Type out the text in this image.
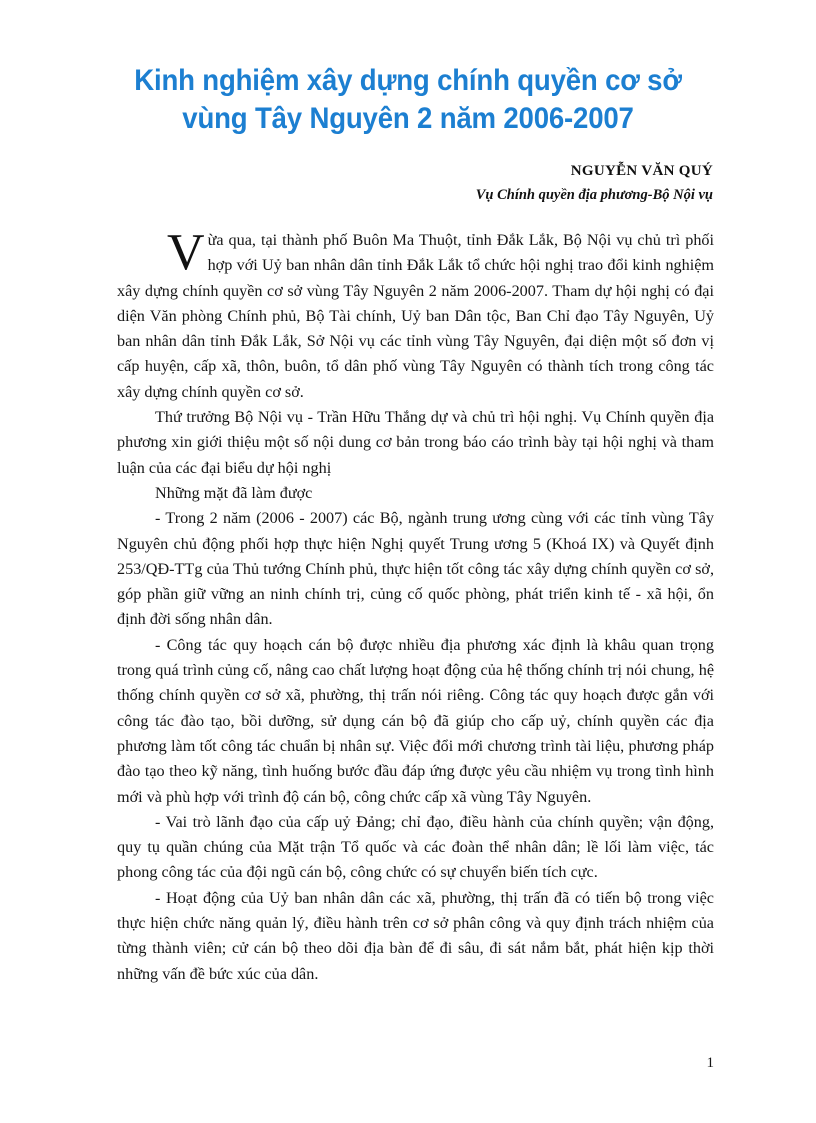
Kinh nghiệm xây dựng chính quyền cơ sở
vùng Tây Nguyên 2 năm 2006-2007
NGUYỄN VĂN QUÝ
Vụ Chính quyền địa phương-Bộ Nội vụ

Vừa qua, tại thành phố Buôn Ma Thuột, tỉnh Đắk Lắk, Bộ Nội vụ chủ trì phối hợp với Uỷ ban nhân dân tỉnh Đắk Lắk tổ chức hội nghị trao đổi kinh nghiệm xây dựng chính quyền cơ sở vùng Tây Nguyên 2 năm 2006-2007. Tham dự hội nghị có đại diện Văn phòng Chính phủ, Bộ Tài chính, Uỷ ban Dân tộc, Ban Chỉ đạo Tây Nguyên, Uỷ ban nhân dân tỉnh Đắk Lắk, Sở Nội vụ các tỉnh vùng Tây Nguyên, đại diện một số đơn vị cấp huyện, cấp xã, thôn, buôn, tổ dân phố vùng Tây Nguyên có thành tích trong công tác xây dựng chính quyền cơ sở.

Thứ trưởng Bộ Nội vụ - Trần Hữu Thắng dự và chủ trì hội nghị. Vụ Chính quyền địa phương xin giới thiệu một số nội dung cơ bản trong báo cáo trình bày tại hội nghị và tham luận của các đại biểu dự hội nghị

Những mặt đã làm được

- Trong 2 năm (2006 - 2007) các Bộ, ngành trung ương cùng với các tỉnh vùng Tây Nguyên chủ động phối hợp thực hiện Nghị quyết Trung ương 5 (Khoá IX) và Quyết định 253/QĐ-TTg của Thủ tướng Chính phủ, thực hiện tốt công tác xây dựng chính quyền cơ sở, góp phần giữ vững an ninh chính trị, củng cố quốc phòng, phát triển kinh tế - xã hội, ổn định đời sống nhân dân.

- Công tác quy hoạch cán bộ được nhiều địa phương xác định là khâu quan trọng trong quá trình củng cố, nâng cao chất lượng hoạt động của hệ thống chính trị nói chung, hệ thống chính quyền cơ sở xã, phường, thị trấn nói riêng. Công tác quy hoạch được gắn với công tác đào tạo, bồi dưỡng, sử dụng cán bộ đã giúp cho cấp uỷ, chính quyền các địa phương làm tốt công tác chuẩn bị nhân sự. Việc đổi mới chương trình tài liệu, phương pháp đào tạo theo kỹ năng, tình huống bước đầu đáp ứng được yêu cầu nhiệm vụ trong tình hình mới và phù hợp với trình độ cán bộ, công chức cấp xã vùng Tây Nguyên.

- Vai trò lãnh đạo của cấp uỷ Đảng; chỉ đạo, điều hành của chính quyền; vận động, quy tụ quần chúng của Mặt trận Tổ quốc và các đoàn thể nhân dân; lề lối làm việc, tác phong công tác của đội ngũ cán bộ, công chức có sự chuyển biến tích cực.

- Hoạt động của Uỷ ban nhân dân các xã, phường, thị trấn đã có tiến bộ trong việc thực hiện chức năng quản lý, điều hành trên cơ sở phân công và quy định trách nhiệm của từng thành viên; cử cán bộ theo dõi địa bàn để đi sâu, đi sát nắm bắt, phát hiện kịp thời những vấn đề bức xúc của dân.

1
